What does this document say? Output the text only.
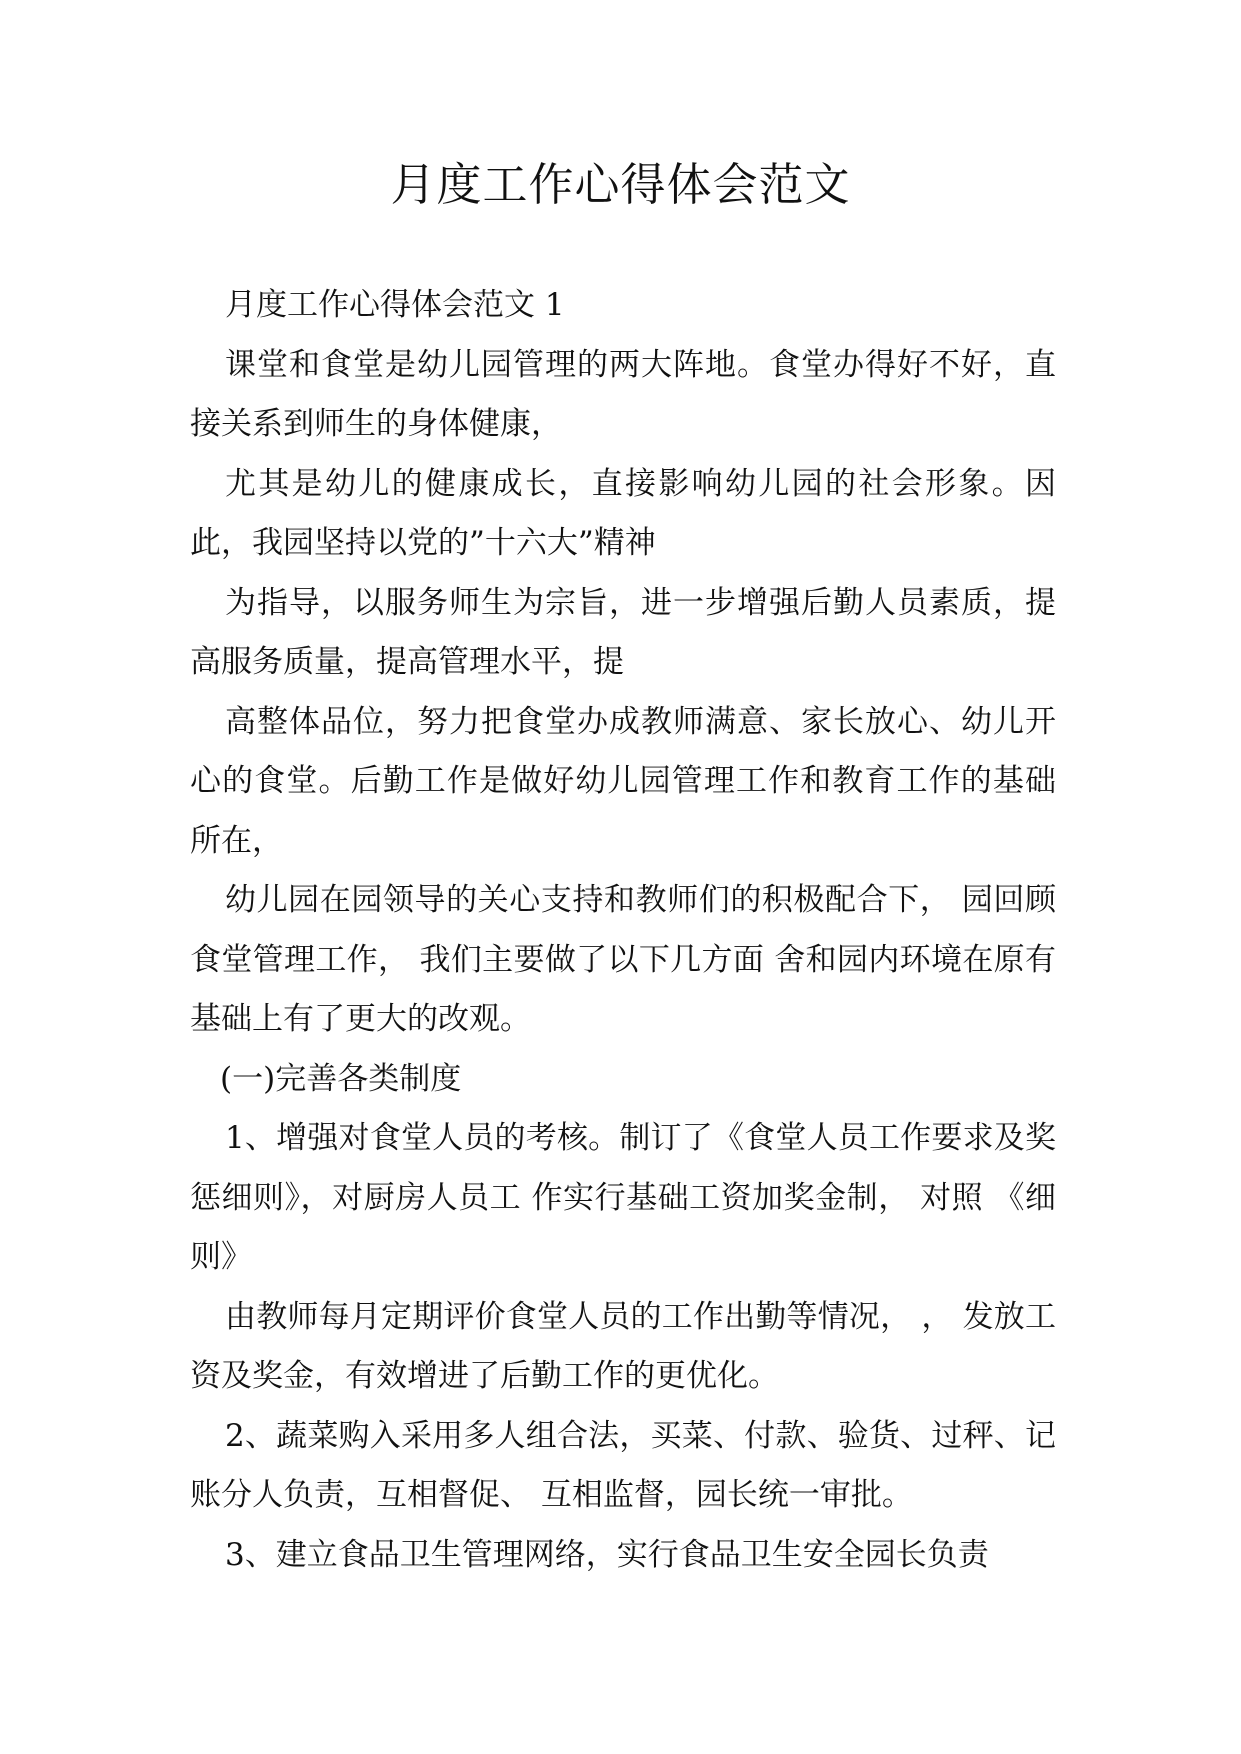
月度工作心得体会范文

月度工作心得体会范文 1

课堂和食堂是幼儿园管理的两大阵地。食堂办得好不好，直接关系到师生的身体健康，

尤其是幼儿的健康成长，直接影响幼儿园的社会形象。因此，我园坚持以党的”十六大”精神

为指导，以服务师生为宗旨，进一步增强后勤人员素质，提高服务质量，提高管理水平，提

高整体品位，努力把食堂办成教师满意、家长放心、幼儿开心的食堂。后勤工作是做好幼儿园管理工作和教育工作的基础所在，

幼儿园在园领导的关心支持和教师们的积极配合下， 园回顾食堂管理工作， 我们主要做了以下几方面 舍和园内环境在原有基础上有了更大的改观。

(一)完善各类制度

1、增强对食堂人员的考核。制订了《食堂人员工作要求及奖惩细则》，对厨房人员工 作实行基础工资加奖金制， 对照 《细则》

由教师每月定期评价食堂人员的工作出勤等情况， ， 发放工资及奖金，有效增进了后勤工作的更优化。

2、蔬菜购入采用多人组合法，买菜、付款、验货、过秤、记账分人负责，互相督促、 互相监督，园长统一审批。

3、建立食品卫生管理网络，实行食品卫生安全园长负责
